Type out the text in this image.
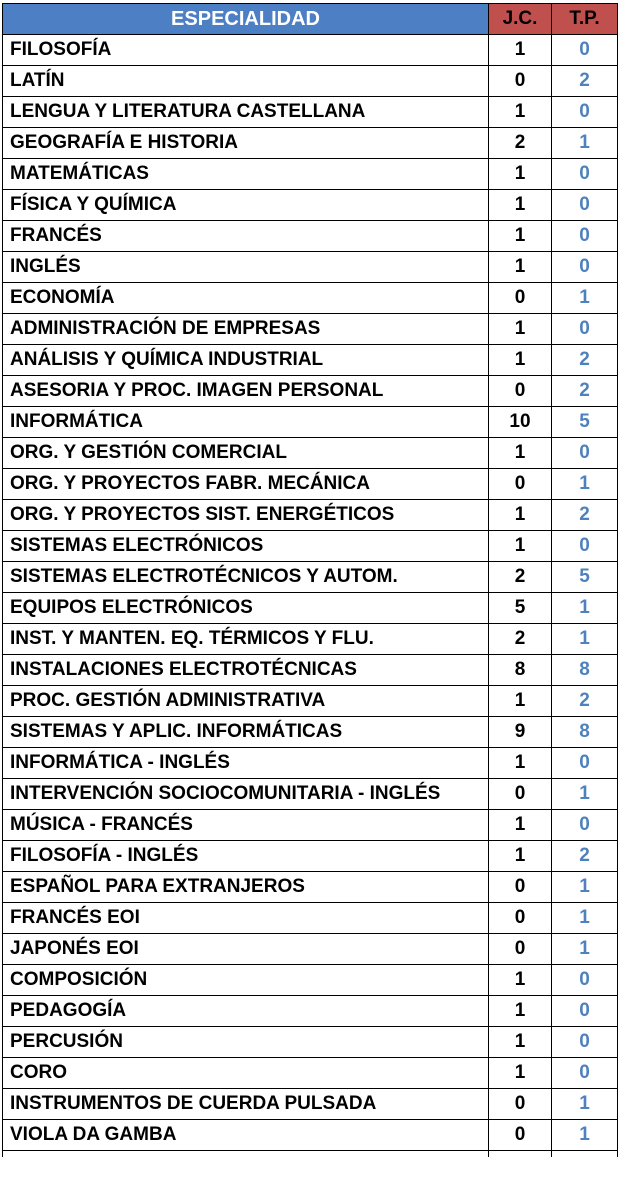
ESPECIALIDAD	J.C.	T.P.
FILOSOFÍA	1	0
LATÍN	0	2
LENGUA Y LITERATURA CASTELLANA	1	0
GEOGRAFÍA E HISTORIA	2	1
MATEMÁTICAS	1	0
FÍSICA Y QUÍMICA	1	0
FRANCÉS	1	0
INGLÉS	1	0
ECONOMÍA	0	1
ADMINISTRACIÓN DE EMPRESAS	1	0
ANÁLISIS Y QUÍMICA INDUSTRIAL	1	2
ASESORIA Y PROC. IMAGEN PERSONAL	0	2
INFORMÁTICA	10	5
ORG. Y GESTIÓN COMERCIAL	1	0
ORG. Y PROYECTOS FABR. MECÁNICA	0	1
ORG. Y PROYECTOS SIST. ENERGÉTICOS	1	2
SISTEMAS ELECTRÓNICOS	1	0
SISTEMAS ELECTROTÉCNICOS Y AUTOM.	2	5
EQUIPOS ELECTRÓNICOS	5	1
INST. Y MANTEN. EQ. TÉRMICOS Y FLU.	2	1
INSTALACIONES ELECTROTÉCNICAS	8	8
PROC. GESTIÓN ADMINISTRATIVA	1	2
SISTEMAS Y APLIC. INFORMÁTICAS	9	8
INFORMÁTICA - INGLÉS	1	0
INTERVENCIÓN SOCIOCOMUNITARIA - INGLÉS	0	1
MÚSICA - FRANCÉS	1	0
FILOSOFÍA - INGLÉS	1	2
ESPAÑOL PARA EXTRANJEROS	0	1
FRANCÉS EOI	0	1
JAPONÉS EOI	0	1
COMPOSICIÓN	1	0
PEDAGOGÍA	1	0
PERCUSIÓN	1	0
CORO	1	0
INSTRUMENTOS DE CUERDA PULSADA	0	1
VIOLA DA GAMBA	0	1
